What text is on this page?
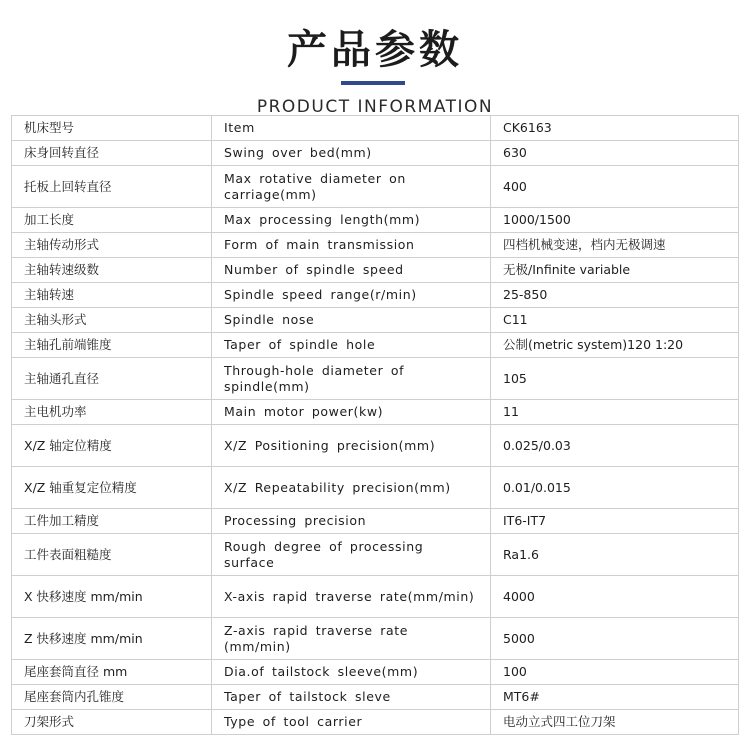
产品参数
PRODUCT INFORMATION
机床型号	Item	CK6163
床身回转直径	Swing over bed(mm)	630
托板上回转直径	Max rotative diameter on carriage(mm)	400
加工长度	Max processing length(mm)	1000/1500
主轴传动形式	Form of main transmission	四档机械变速，档内无极调速
主轴转速级数	Number of spindle speed	无极/Infinite variable
主轴转速	Spindle speed range(r/min)	25-850
主轴头形式	Spindle nose	C11
主轴孔前端锥度	Taper of spindle hole	公制(metric system)120 1:20
主轴通孔直径	Through-hole diameter of spindle(mm)	105
主电机功率	Main motor power(kw)	11
X/Z 轴定位精度	X/Z Positioning precision(mm)	0.025/0.03
X/Z 轴重复定位精度	X/Z Repeatability precision(mm)	0.01/0.015
工件加工精度	Processing precision	IT6-IT7
工件表面粗糙度	Rough degree of processing surface	Ra1.6
X 快移速度 mm/min	X-axis rapid traverse rate(mm/min)	4000
Z 快移速度 mm/min	Z-axis rapid traverse rate (mm/min)	5000
尾座套筒直径 mm	Dia.of tailstock sleeve(mm)	100
尾座套筒内孔锥度	Taper of tailstock sleve	MT6#
刀架形式	Type of tool carrier	电动立式四工位刀架
